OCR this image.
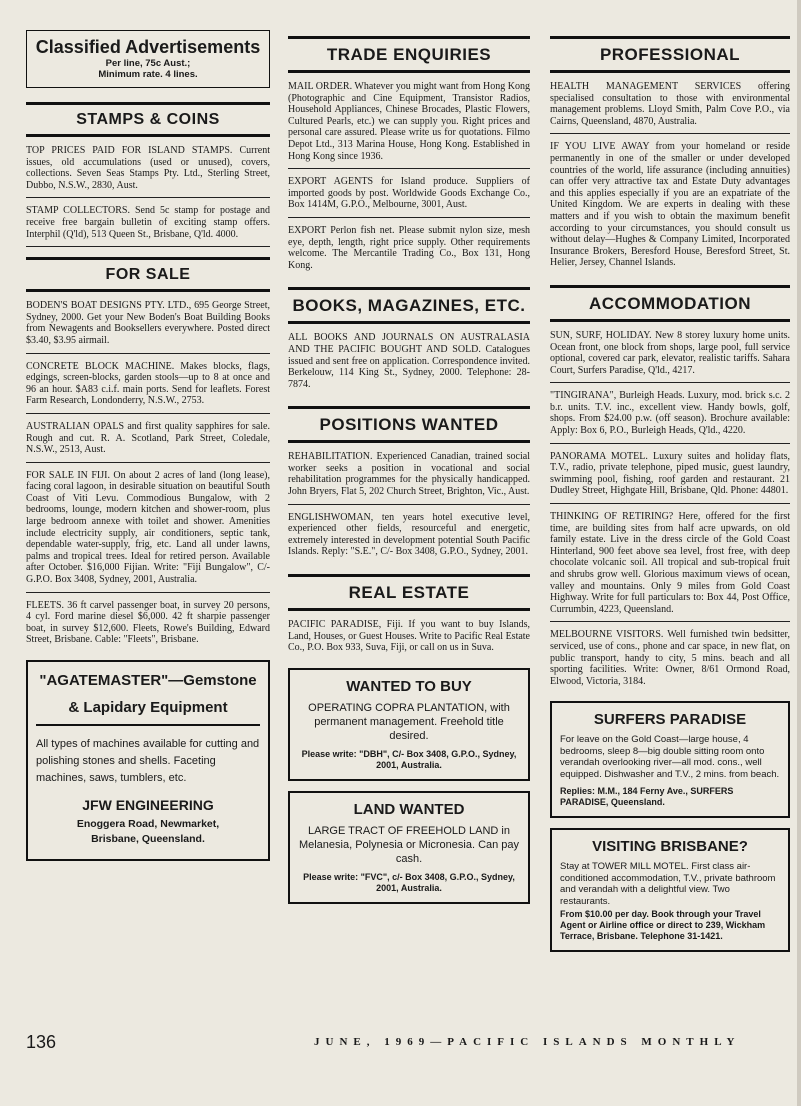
Classified Advertisements
Per line, 75c Aust.;
Minimum rate. 4 lines.
STAMPS & COINS

TOP PRICES PAID FOR ISLAND STAMPS. Current issues, old accumulations (used or unused), covers, collections. Seven Seas Stamps Pty. Ltd., Sterling Street, Dubbo, N.S.W., 2830, Aust.

STAMP COLLECTORS. Send 5c stamp for postage and receive free bargain bulletin of exciting stamp offers. Interphil (Q'ld), 513 Queen St., Brisbane, Q'ld. 4000.

FOR SALE

BODEN'S BOAT DESIGNS PTY. LTD., 695 George Street, Sydney, 2000. Get your New Boden's Boat Building Books from Newagents and Booksellers everywhere. Posted direct $3.40, $3.95 airmail.

CONCRETE BLOCK MACHINE. Makes blocks, flags, edgings, screen-blocks, garden stools—up to 8 at once and 96 an hour. $A83 c.i.f. main ports. Send for leaflets. Forest Farm Research, Londonderry, N.S.W., 2753.

AUSTRALIAN OPALS and first quality sapphires for sale. Rough and cut. R. A. Scotland, Park Street, Coledale, N.S.W., 2513, Aust.

FOR SALE IN FIJI. On about 2 acres of land (long lease), facing coral lagoon, in desirable situation on beautiful South Coast of Viti Levu. Commodious Bungalow, with 2 bedrooms, lounge, modern kitchen and shower-room, plus large bedroom annexe with toilet and shower. Amenities include electricity supply, air conditioners, septic tank, dependable water-supply, frig, etc. Land all under lawns, palms and tropical trees. Ideal for retired person. Available after October. $16,000 Fijian. Write: "Fiji Bungalow", C/- G.P.O. Box 3408, Sydney, 2001, Australia.

FLEETS. 36 ft carvel passenger boat, in survey 20 persons, 4 cyl. Ford marine diesel $6,000. 42 ft sharpie passenger boat, in survey $12,600. Fleets, Rowe's Building, Edward Street, Brisbane. Cable: "Fleets", Brisbane.

"AGATEMASTER"—Gemstone
& Lapidary Equipment
All types of machines available for cutting and polishing stones and shells. Faceting machines, saws, tumblers, etc.
JFW ENGINEERING
Enoggera Road, Newmarket,
Brisbane, Queensland.
TRADE ENQUIRIES

MAIL ORDER. Whatever you might want from Hong Kong (Photographic and Cine Equipment, Transistor Radios, Household Appliances, Chinese Brocades, Plastic Flowers, Cultured Pearls, etc.) we can supply you. Right prices and personal care assured. Please write us for quotations. Filmo Depot Ltd., 313 Marina House, Hong Kong. Established in Hong Kong since 1936.

EXPORT AGENTS for Island produce. Suppliers of imported goods by post. Worldwide Goods Exchange Co., Box 1414M, G.P.O., Melbourne, 3001, Aust.

EXPORT Perlon fish net. Please submit nylon size, mesh eye, depth, length, right price supply. Other requirements welcome. The Mercantile Trading Co., Box 131, Hong Kong.

BOOKS, MAGAZINES, ETC.

ALL BOOKS AND JOURNALS ON AUSTRALASIA AND THE PACIFIC BOUGHT AND SOLD. Catalogues issued and sent free on application. Correspondence invited. Berkelouw, 114 King St., Sydney, 2000. Telephone: 28-7874.

POSITIONS WANTED

REHABILITATION. Experienced Canadian, trained social worker seeks a position in vocational and social rehabilitation programmes for the physically handicapped. John Bryers, Flat 5, 202 Church Street, Brighton, Vic., Aust.

ENGLISHWOMAN, ten years hotel executive level, experienced other fields, resourceful and energetic, extremely interested in development potential South Pacific Islands. Reply: "S.E.", C/- Box 3408, G.P.O., Sydney, 2001.

REAL ESTATE

PACIFIC PARADISE, Fiji. If you want to buy Islands, Land, Houses, or Guest Houses. Write to Pacific Real Estate Co., P.O. Box 933, Suva, Fiji, or call on us in Suva.

WANTED TO BUY
OPERATING COPRA PLANTATION, with permanent management. Freehold title desired.
Please write: "DBH", C/- Box 3408, G.P.O., Sydney, 2001, Australia.
LAND WANTED
LARGE TRACT OF FREEHOLD LAND in Melanesia, Polynesia or Micronesia. Can pay cash.
Please write: "FVC", c/- Box 3408, G.P.O., Sydney, 2001, Australia.
PROFESSIONAL

HEALTH MANAGEMENT SERVICES offering specialised consultation to those with environmental management problems. Lloyd Smith, Palm Cove P.O., via Cairns, Queensland, 4870, Australia.

IF YOU LIVE AWAY from your homeland or reside permanently in one of the smaller or under developed countries of the world, life assurance (including annuities) can offer very attractive tax and Estate Duty advantages and this applies especially if you are an expatriate of the United Kingdom. We are experts in dealing with these matters and if you wish to obtain the maximum benefit according to your circumstances, you should consult us without delay—Hughes & Company Limited, Incorporated Insurance Brokers, Beresford House, Beresford Street, St. Helier, Jersey, Channel Islands.

ACCOMMODATION

SUN, SURF, HOLIDAY. New 8 storey luxury home units. Ocean front, one block from shops, large pool, full service optional, covered car park, elevator, realistic tariffs. Sahara Court, Surfers Paradise, Q'ld., 4217.

"TINGIRANA", Burleigh Heads. Luxury, mod. brick s.c. 2 b.r. units. T.V. inc., excellent view. Handy bowls, golf, shops. From $24.00 p.w. (off season). Brochure available: Apply: Box 6, P.O., Burleigh Heads, Q'ld., 4220.

PANORAMA MOTEL. Luxury suites and holiday flats, T.V., radio, private telephone, piped music, guest laundry, swimming pool, fishing, roof garden and restaurant. 21 Dudley Street, Highgate Hill, Brisbane, Qld. Phone: 44801.

THINKING OF RETIRING? Here, offered for the first time, are building sites from half acre upwards, on old family estate. Live in the dress circle of the Gold Coast Hinterland, 900 feet above sea level, frost free, with deep chocolate volcanic soil. All tropical and sub-tropical fruit and shrubs grow well. Glorious maximum views of ocean, valley and mountains. Only 9 miles from Gold Coast Highway. Write for full particulars to: Box 44, Post Office, Currumbin, 4223, Queensland.

MELBOURNE VISITORS. Well furnished twin bedsitter, serviced, use of cons., phone and car space, in new flat, on public transport, handy to city, 5 mins. beach and all sporting facilities. Write: Owner, 8/61 Ormond Road, Elwood, Victoria, 3184.

SURFERS PARADISE
For leave on the Gold Coast—large house, 4 bedrooms, sleep 8—big double sitting room onto verandah overlooking river—all mod. cons., well equipped. Dishwasher and T.V., 2 mins. from beach.
Replies: M.M., 184 Ferny Ave., SURFERS PARADISE, Queensland.
VISITING BRISBANE?
Stay at TOWER MILL MOTEL. First class air-conditioned accommodation, T.V., private bathroom and verandah with a delightful view. Two restaurants.
From $10.00 per day. Book through your Travel Agent or Airline office or direct to 239, Wickham Terrace, Brisbane. Telephone 31-1421.
136	JUNE, 1969—PACIFIC ISLANDS MONTHLY
